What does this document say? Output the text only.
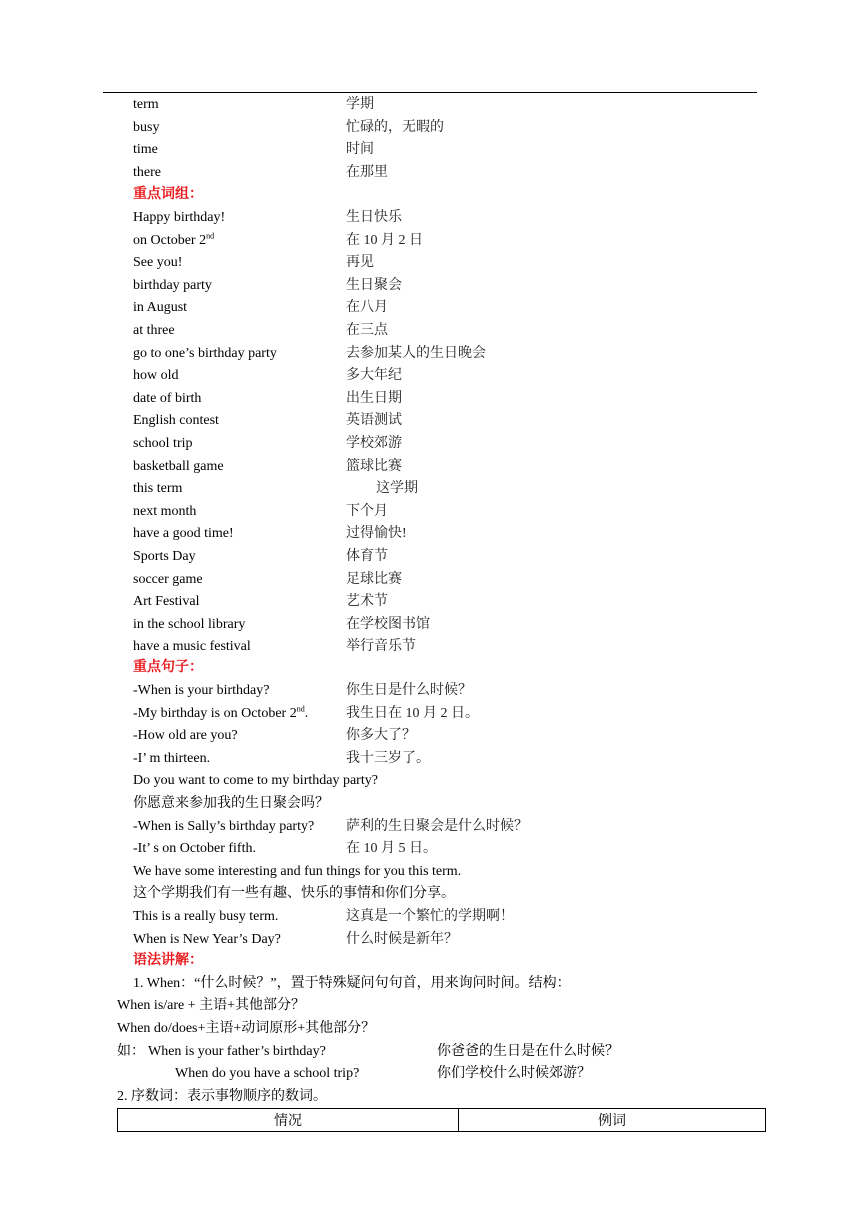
term	学期
busy	忙碌的，无暇的
time	时间
there	在那里
重点词组：
Happy birthday!	生日快乐
on October 2nd	在 10 月 2 日
See you!	再见
birthday party	生日聚会
in August	在八月
at three	在三点
go to one’s birthday party	去参加某人的生日晚会
how old	多大年纪
date of birth	出生日期
English contest	英语测试
school trip	学校郊游
basketball game	篮球比赛
this term	这学期
next month	下个月
have a good time!	过得愉快!
Sports Day	体育节
soccer game	足球比赛
Art Festival	艺术节
in the school library	在学校图书馆
have a music festival	举行音乐节
重点句子：
-When is your birthday?	你生日是什么时候？
-My birthday is on October 2nd.	我生日在 10 月 2 日。
-How old are you?	你多大了？
-I’ m thirteen.	我十三岁了。
Do you want to come to my birthday party?
你愿意来参加我的生日聚会吗？
-When is Sally’s birthday party? 萨利的生日聚会是什么时候？
-It’ s on October fifth.	在 10 月 5 日。
We have some interesting and fun things for you this term.
这个学期我们有一些有趣、快乐的事情和你们分享。
This is a really busy term.	这真是一个繁忙的学期啊！
When is New Year’s Day?	什么时候是新年？
语法讲解：
1. When：“什么时候？”，置于特殊疑问句句首，用来询问时间。结构：
When is/are + 主语+其他部分？
When do/does+主语+动词原形+其他部分？
如： When is your father’s birthday?	你爸爸的生日是在什么时候？
When do you have a school trip?	你们学校什么时候郊游？
2. 序数词：表示事物顺序的数词。
情况	例词
